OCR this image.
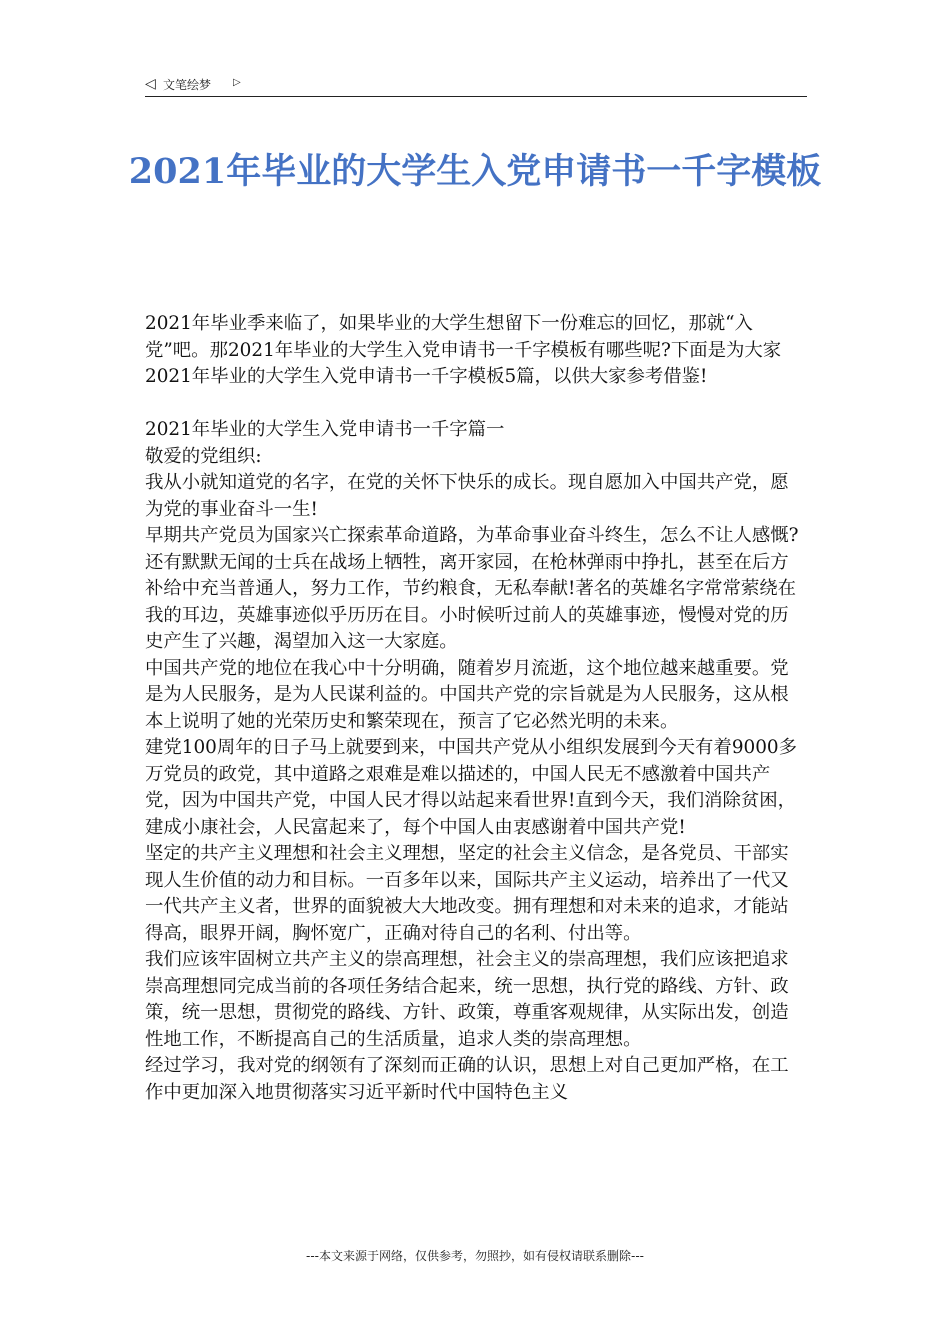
◁ 文笔绘梦 ▷
2021年毕业的大学生入党申请书一千字模板

2021年毕业季来临了，如果毕业的大学生想留下一份难忘的回忆，那就“入党”吧。那2021年毕业的大学生入党申请书一千字模板有哪些呢?下面是为大家2021年毕业的大学生入党申请书一千字模板5篇，以供大家参考借鉴!

2021年毕业的大学生入党申请书一千字篇一

敬爱的党组织:

我从小就知道党的名字，在党的关怀下快乐的成长。现自愿加入中国共产党，愿为党的事业奋斗一生!

早期共产党员为国家兴亡探索革命道路，为革命事业奋斗终生，怎么不让人感慨?还有默默无闻的士兵在战场上牺牲，离开家园，在枪林弹雨中挣扎，甚至在后方补给中充当普通人，努力工作，节约粮食，无私奉献!著名的英雄名字常常萦绕在我的耳边，英雄事迹似乎历历在目。小时候听过前人的英雄事迹，慢慢对党的历史产生了兴趣，渴望加入这一大家庭。

中国共产党的地位在我心中十分明确，随着岁月流逝，这个地位越来越重要。党是为人民服务，是为人民谋利益的。中国共产党的宗旨就是为人民服务，这从根本上说明了她的光荣历史和繁荣现在，预言了它必然光明的未来。

建党100周年的日子马上就要到来，中国共产党从小组织发展到今天有着9000多万党员的政党，其中道路之艰难是难以描述的，中国人民无不感激着中国共产党，因为中国共产党，中国人民才得以站起来看世界!直到今天，我们消除贫困，建成小康社会，人民富起来了，每个中国人由衷感谢着中国共产党!

坚定的共产主义理想和社会主义理想，坚定的社会主义信念，是各党员、干部实现人生价值的动力和目标。一百多年以来，国际共产主义运动，培养出了一代又一代共产主义者，世界的面貌被大大地改变。拥有理想和对未来的追求，才能站得高，眼界开阔，胸怀宽广，正确对待自己的名利、付出等。

我们应该牢固树立共产主义的崇高理想，社会主义的崇高理想，我们应该把追求崇高理想同完成当前的各项任务结合起来，统一思想，执行党的路线、方针、政策，统一思想，贯彻党的路线、方针、政策，尊重客观规律，从实际出发，创造性地工作，不断提高自己的生活质量，追求人类的崇高理想。

经过学习，我对党的纲领有了深刻而正确的认识，思想上对自己更加严格，在工作中更加深入地贯彻落实习近平新时代中国特色主义

---本文来源于网络，仅供参考，勿照抄，如有侵权请联系删除---
